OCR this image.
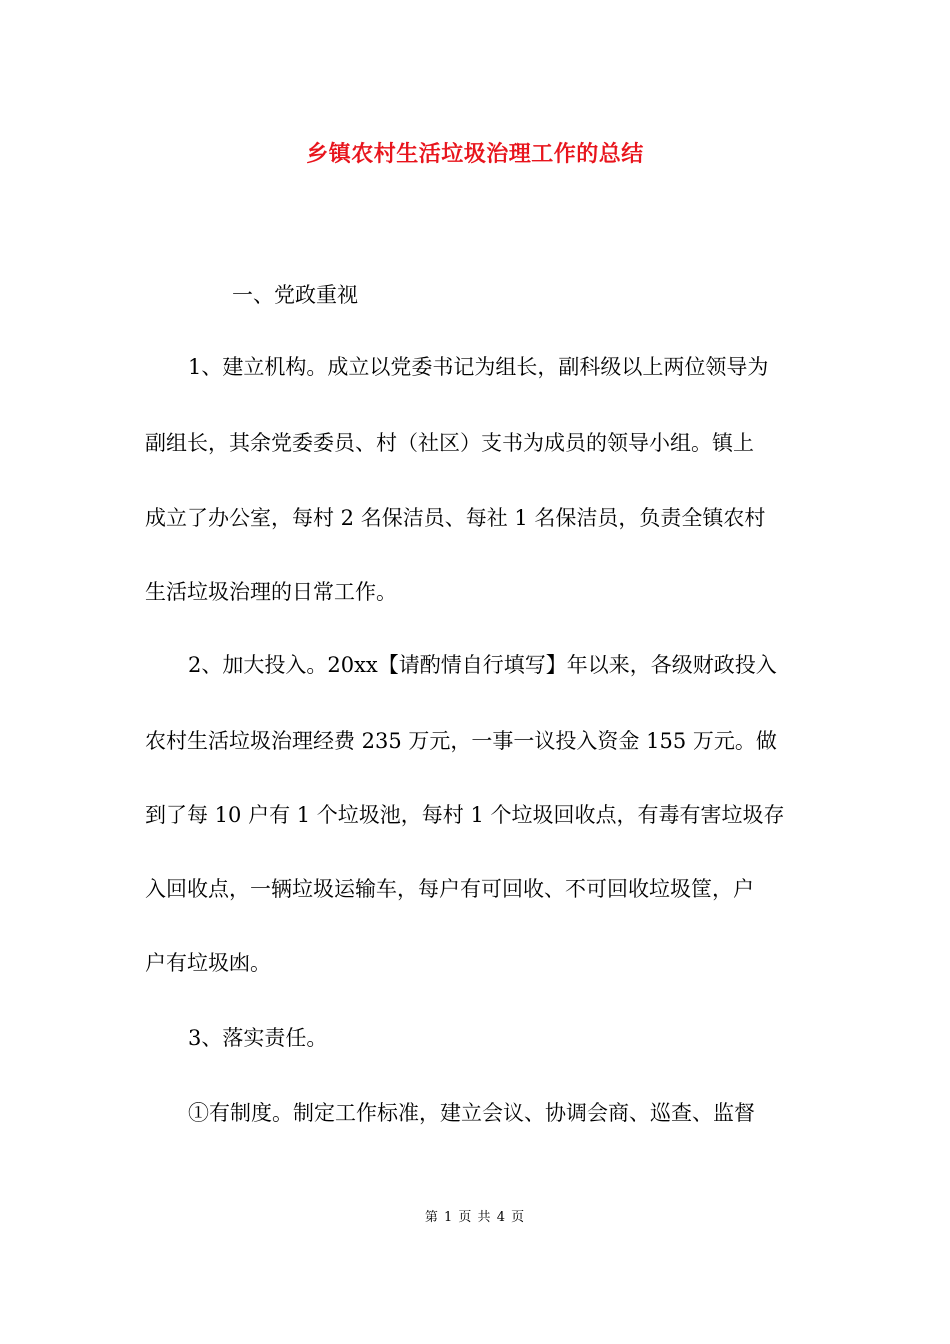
乡镇农村生活垃圾治理工作的总结
一、党政重视
1、建立机构。成立以党委书记为组长，副科级以上两位领导为
副组长，其余党委委员、村（社区）支书为成员的领导小组。镇上
成立了办公室，每村 2 名保洁员、每社 1 名保洁员，负责全镇农村
生活垃圾治理的日常工作。
2、加大投入。20xx【请酌情自行填写】年以来，各级财政投入
农村生活垃圾治理经费 235 万元，一事一议投入资金 155 万元。做
到了每 10 户有 1 个垃圾池，每村 1 个垃圾回收点，有毒有害垃圾存
入回收点，一辆垃圾运输车，每户有可回收、不可回收垃圾筐，户
户有垃圾凼。
3、落实责任。
①有制度。制定工作标准，建立会议、协调会商、巡查、监督
第 1 页 共 4 页
